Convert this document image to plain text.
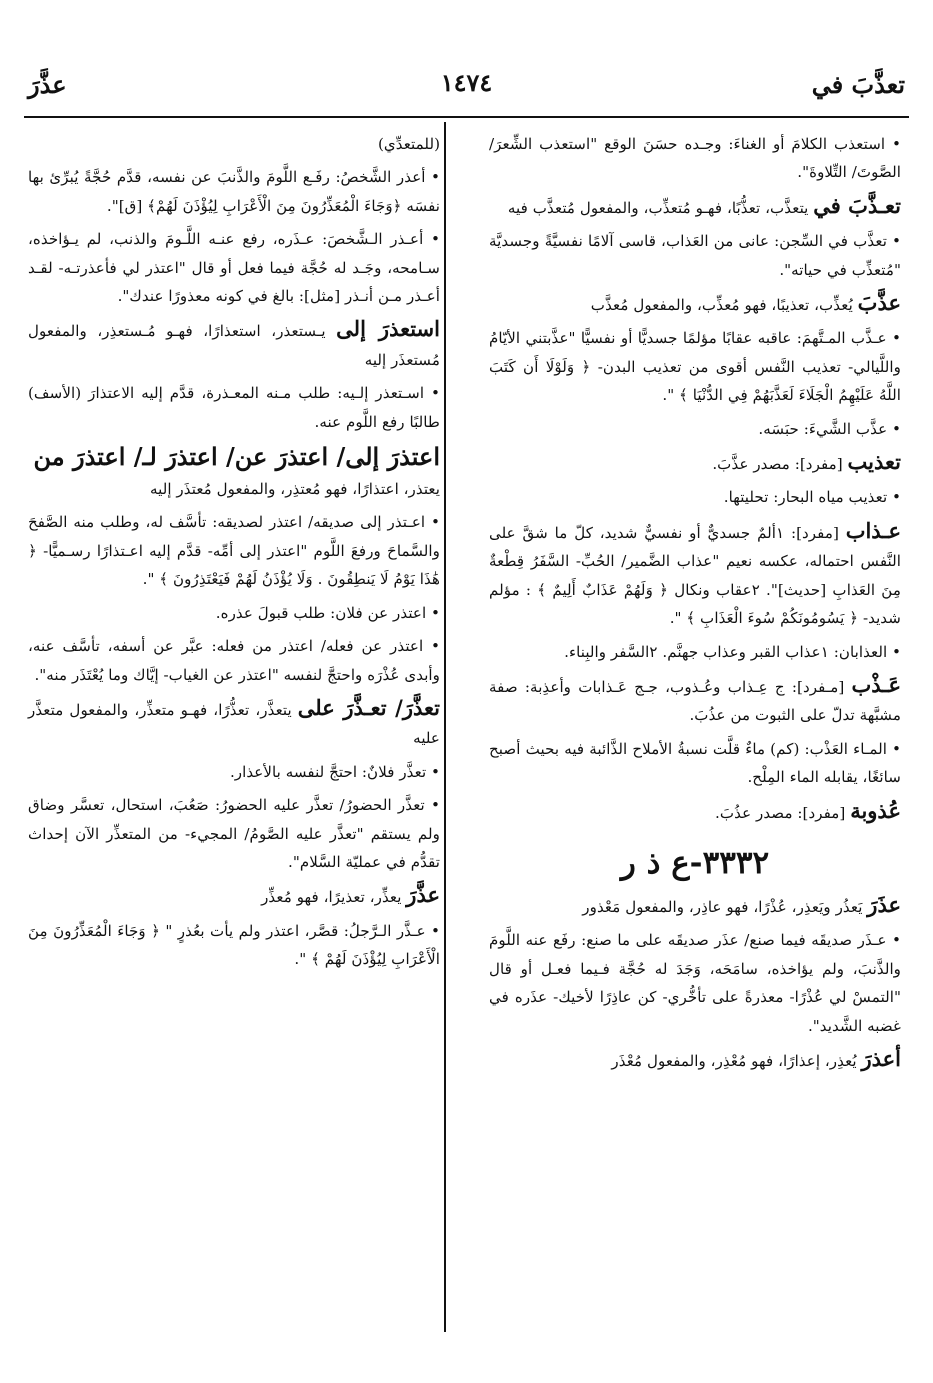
تعذَّبَ في
١٤٧٤
عذَّرَ

• استعذب الكلامَ أو الغناءَ: وجـده حسَنَ الوقع "استعذب الشِّعرَ/ الصَّوتَ/ التِّلاوةَ".

تعـذَّبَ في يتعذَّب، تعذُّبًا، فهـو مُتعذِّب، والمفعول مُتعذَّب فيه

• تعذَّب في السِّجن: عانى من العَذاب، قاسى آلامًا نفسيَّةً وجسديَّة "مُتعذِّب في حياته".

عذَّبَ يُعذِّب، تعذيبًا، فهو مُعذِّب، والمفعول مُعذَّب

• عـذَّب المـتَّهمَ: عاقبه عقابًا مؤلمًا جسديًّا أو نفسيًّا "عذَّبتني الأيّامُ واللَّيالي- تعذيب النَّفس أقوى من تعذيب البدن- ﴿ وَلَوْلَا أَن كَتَبَ اللَّهُ عَلَيْهِمُ الْجَلَاءَ لَعَذَّبَهُمْ فِي الدُّنْيَا ﴾ ".

• عذَّب الشَّيءَ: حبَسَه.

تعذيب [مفرد]: مصدر عذَّبَ.

• تعذيب مياه البحار: تحليتها.

عـذاب [مفرد]: ١ألمٌ جسديٌّ أو نفسيٌّ شديد، كلّ ما شقَّ على النَّفس احتماله، عكسه نعيم "عذاب الضَّمير/ الحُبِّ- السَّفَرُ قِطْعةٌ مِنَ العَذابِ [حديث]". ٢عقاب ونكال ﴿ وَلَهُمْ عَذَابٌ أَلِيمٌ ﴾ : مؤلم شديد- ﴿ يَسُومُونَكُمْ سُوءَ الْعَذَابِ ﴾ ".

• العذابان: ١عذاب القبر وعذاب جهنَّم. ٢السَّفر والبِناء.

عَـذْب [مـفرد]: ج عِـذاب وعُـذوب، جـج عَـذابات وأعذِبة: صفة مشبَّهة تدلّ على الثبوت من عذُبَ.

• المـاء العَذْب: (كم) ماءٌ قلَّت نسبةُ الأملاح الذَّائبة فيه بحيث أصبح سائغًا، يقابله الماء المِلْح.

عُذوبة [مفرد]: مصدر عذُبَ.

٣٣٣٢-ع ذ ر

عذَرَ يَعذُر ويَعذِر، عُذْرًا، فهو عاذِر، والمفعول مَعْذور

• عـذَر صديقَه فيما صنع/ عذَر صديقَه على ما صنع: رفَع عنه اللَّومَ والذَّنبَ، ولم يؤاخذه، سامَحَه، وَجَدَ له حُجَّة فـيما فعـل أو قال "التمسْ لي عُذْرًا- معذرةً على تأخُّري- كن عاذِرًا لأخيك- عذَره في غضبه الشَّديد".

أعذرَ يُعذِر، إعذارًا، فهو مُعْذِر، والمفعول مُعْذَر

(للمتعدِّي)

• أعذر الشَّخصُ: رفَـع اللَّومَ والذَّنبَ عن نفسه، قدَّم حُجَّةً يُبرِّئ بها نفسَه ﴿وَجَاءَ الْمُعَذِّرُونَ مِنَ الْأَعْرَابِ لِيُؤْذَنَ لَهُمْ﴾ [ق]".

• أعـذر الـشَّخصَ: عـذَره، رفع عنـه اللَّـومَ والذنب، لم يـؤاخذه، سـامحه، وجَـد له حُجَّة فيما فعل أو قال "اعتذر لي فأعذرتـه- لقـد أعـذر مـن أنـذر [مثل]: بالغ في كونه معذورًا عندك".

استعذرَ إلى يـستعذر، استعذارًا، فهـو مُـستعذِر، والمفعول مُستعذَر إليه

• اسـتعذر إلـيه: طلب مـنه المعـذرة، قدَّم إليه الاعتذارَ (الأسف) طالبًا رفع اللَّوم عنه.

اعتذرَ إلى/ اعتذرَ عن/ اعتذرَ لـ/ اعتذرَ من
يعتذر، اعتذارًا، فهو مُعتذِر، والمفعول مُعتذَر إليه

• اعـتذر إلى صديقه/ اعتذر لصديقه: تأسَّف له، وطلب منه الصَّفحَ والسَّماحَ ورفعَ اللَّوم "اعتذر إلى أمِّه- قدَّم إليه اعـتذارًا رسـميًّا- ﴿ هَٰذَا يَوْمُ لَا يَنطِقُونَ . وَلَا يُؤْذَنُ لَهُمْ فَيَعْتَذِرُونَ ﴾ ".

• اعتذر عن فلان: طلب قبولَ عذره.

• اعتذر عن فعله/ اعتذر من فعله: عبَّر عن أسفه، تأسَّف عنه، وأبدى عُذْرَه واحتجَّ لنفسه "اعتذر عن الغياب- إيَّاك وما يُعْتَذَر منه".

تعذَّرَ/ تعـذَّرَ على يتعذَّر، تعذُّرًا، فهـو متعذِّر، والمفعول متعذَّر عليه

• تعذَّر فلانٌ: احتجَّ لنفسه بالأعذار.

• تعذَّر الحضورُ/ تعذَّر عليه الحضورُ: صَعُبَ، استحال، تعسَّر وضاق ولم يستقم "تعذَّر عليه الصَّومُ/ المجيء- من المتعذِّر الآن إحداث تقدُّم في عمليّة السَّلام".

عذَّرَ يعذِّر، تعذيرًا، فهو مُعذِّر

• عـذَّر الـرَّجلُ: قصَّر، اعتذر ولم يأت بعُذرٍ " ﴿ وَجَاءَ الْمُعَذِّرُونَ مِنَ الْأَعْرَابِ لِيُؤْذَنَ لَهُمْ ﴾ ".
